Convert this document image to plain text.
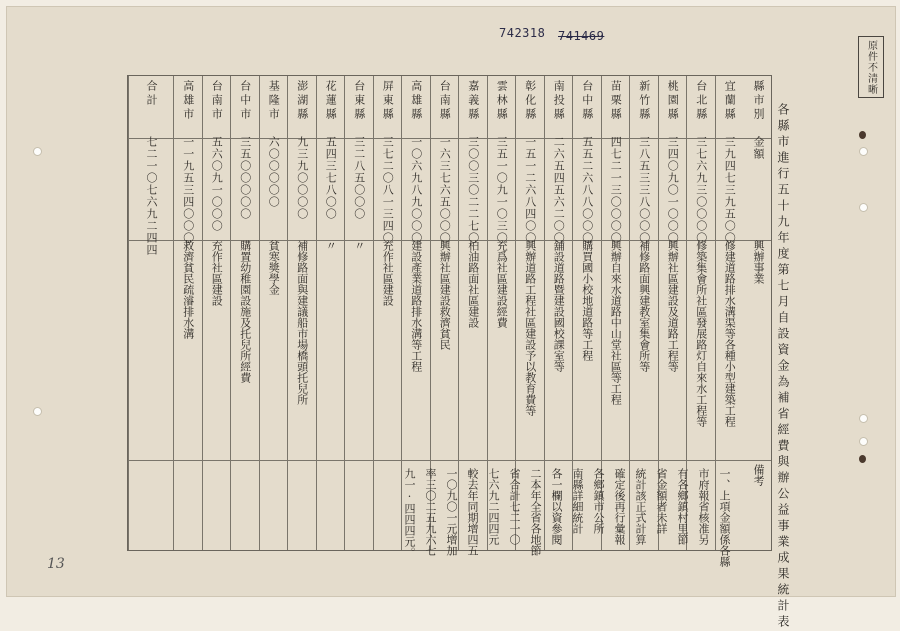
742318 741469
原件不清晰
各縣市進行五十九年度第七月自設資金為補省經費與辦公益事業成果統計表
縣市別
金額
興辦事業
備考
宜蘭縣
三九四七三九五〇〇
修建道路排水溝渠等各種小型建築工程
台北縣
三七六九三〇〇〇〇
修築集會所社區發展路灯自來水工程等
桃園縣
三四〇九〇一〇〇〇
興辦社區建設及道路工程等
新竹縣
三八五三三八〇〇〇
補修路面興建教室集會所等
苗栗縣
四七二一三〇〇〇〇
興辦自來水道路中山堂社區等工程
台中縣
五五二六八八〇〇〇
購買國小校地道路等工程
南投縣
二六五四五六二〇〇
舖設道路暨建設國校課室等
彰化縣
一五一二六八四〇〇
興辦道路工程社區建設予以教育費等
雲林縣
三五一〇九一〇三〇
充爲社區建設經費
嘉義縣
三〇〇三〇二二七〇
柏油路面社區建設
台南縣
一六三七六五〇〇〇
興辦社區建設救濟貧民
高雄縣
一〇六九八九〇〇〇
建設產業道路排水溝等工程
屏東縣
三七二〇八一三四〇
充作社區建設
台東縣
三二八五〇〇〇
〃
花蓮縣
五四三七八〇〇
〃
澎湖縣
九三九〇〇〇〇
補修路面與建議船市場橋頭托兒所
基隆市
六〇〇〇〇〇
貧寒獎學金
台中市
三五〇〇〇〇〇
購置幼稚園設施及托兒所經費
台南市
五六〇九一〇〇〇
充作社區建設
高雄市
一一九五三四〇〇〇
救濟貧民疏濬排水溝
合計
七二一〇七六九二四四
一、上項金額係各縣
市府報省核准另
有各鄉鎮村里節
省金額者未詳
統計該正式計算
確定後再行彙報
各鄉鎮市公所
南縣詳細統計
各一欄以資參閱
二本年全省各地節
省合計七二一〇
七六九二四四元
較去年同期增四五
一〇九〇一元增加
率三〇二五九六七
九一·四四四元。
13
